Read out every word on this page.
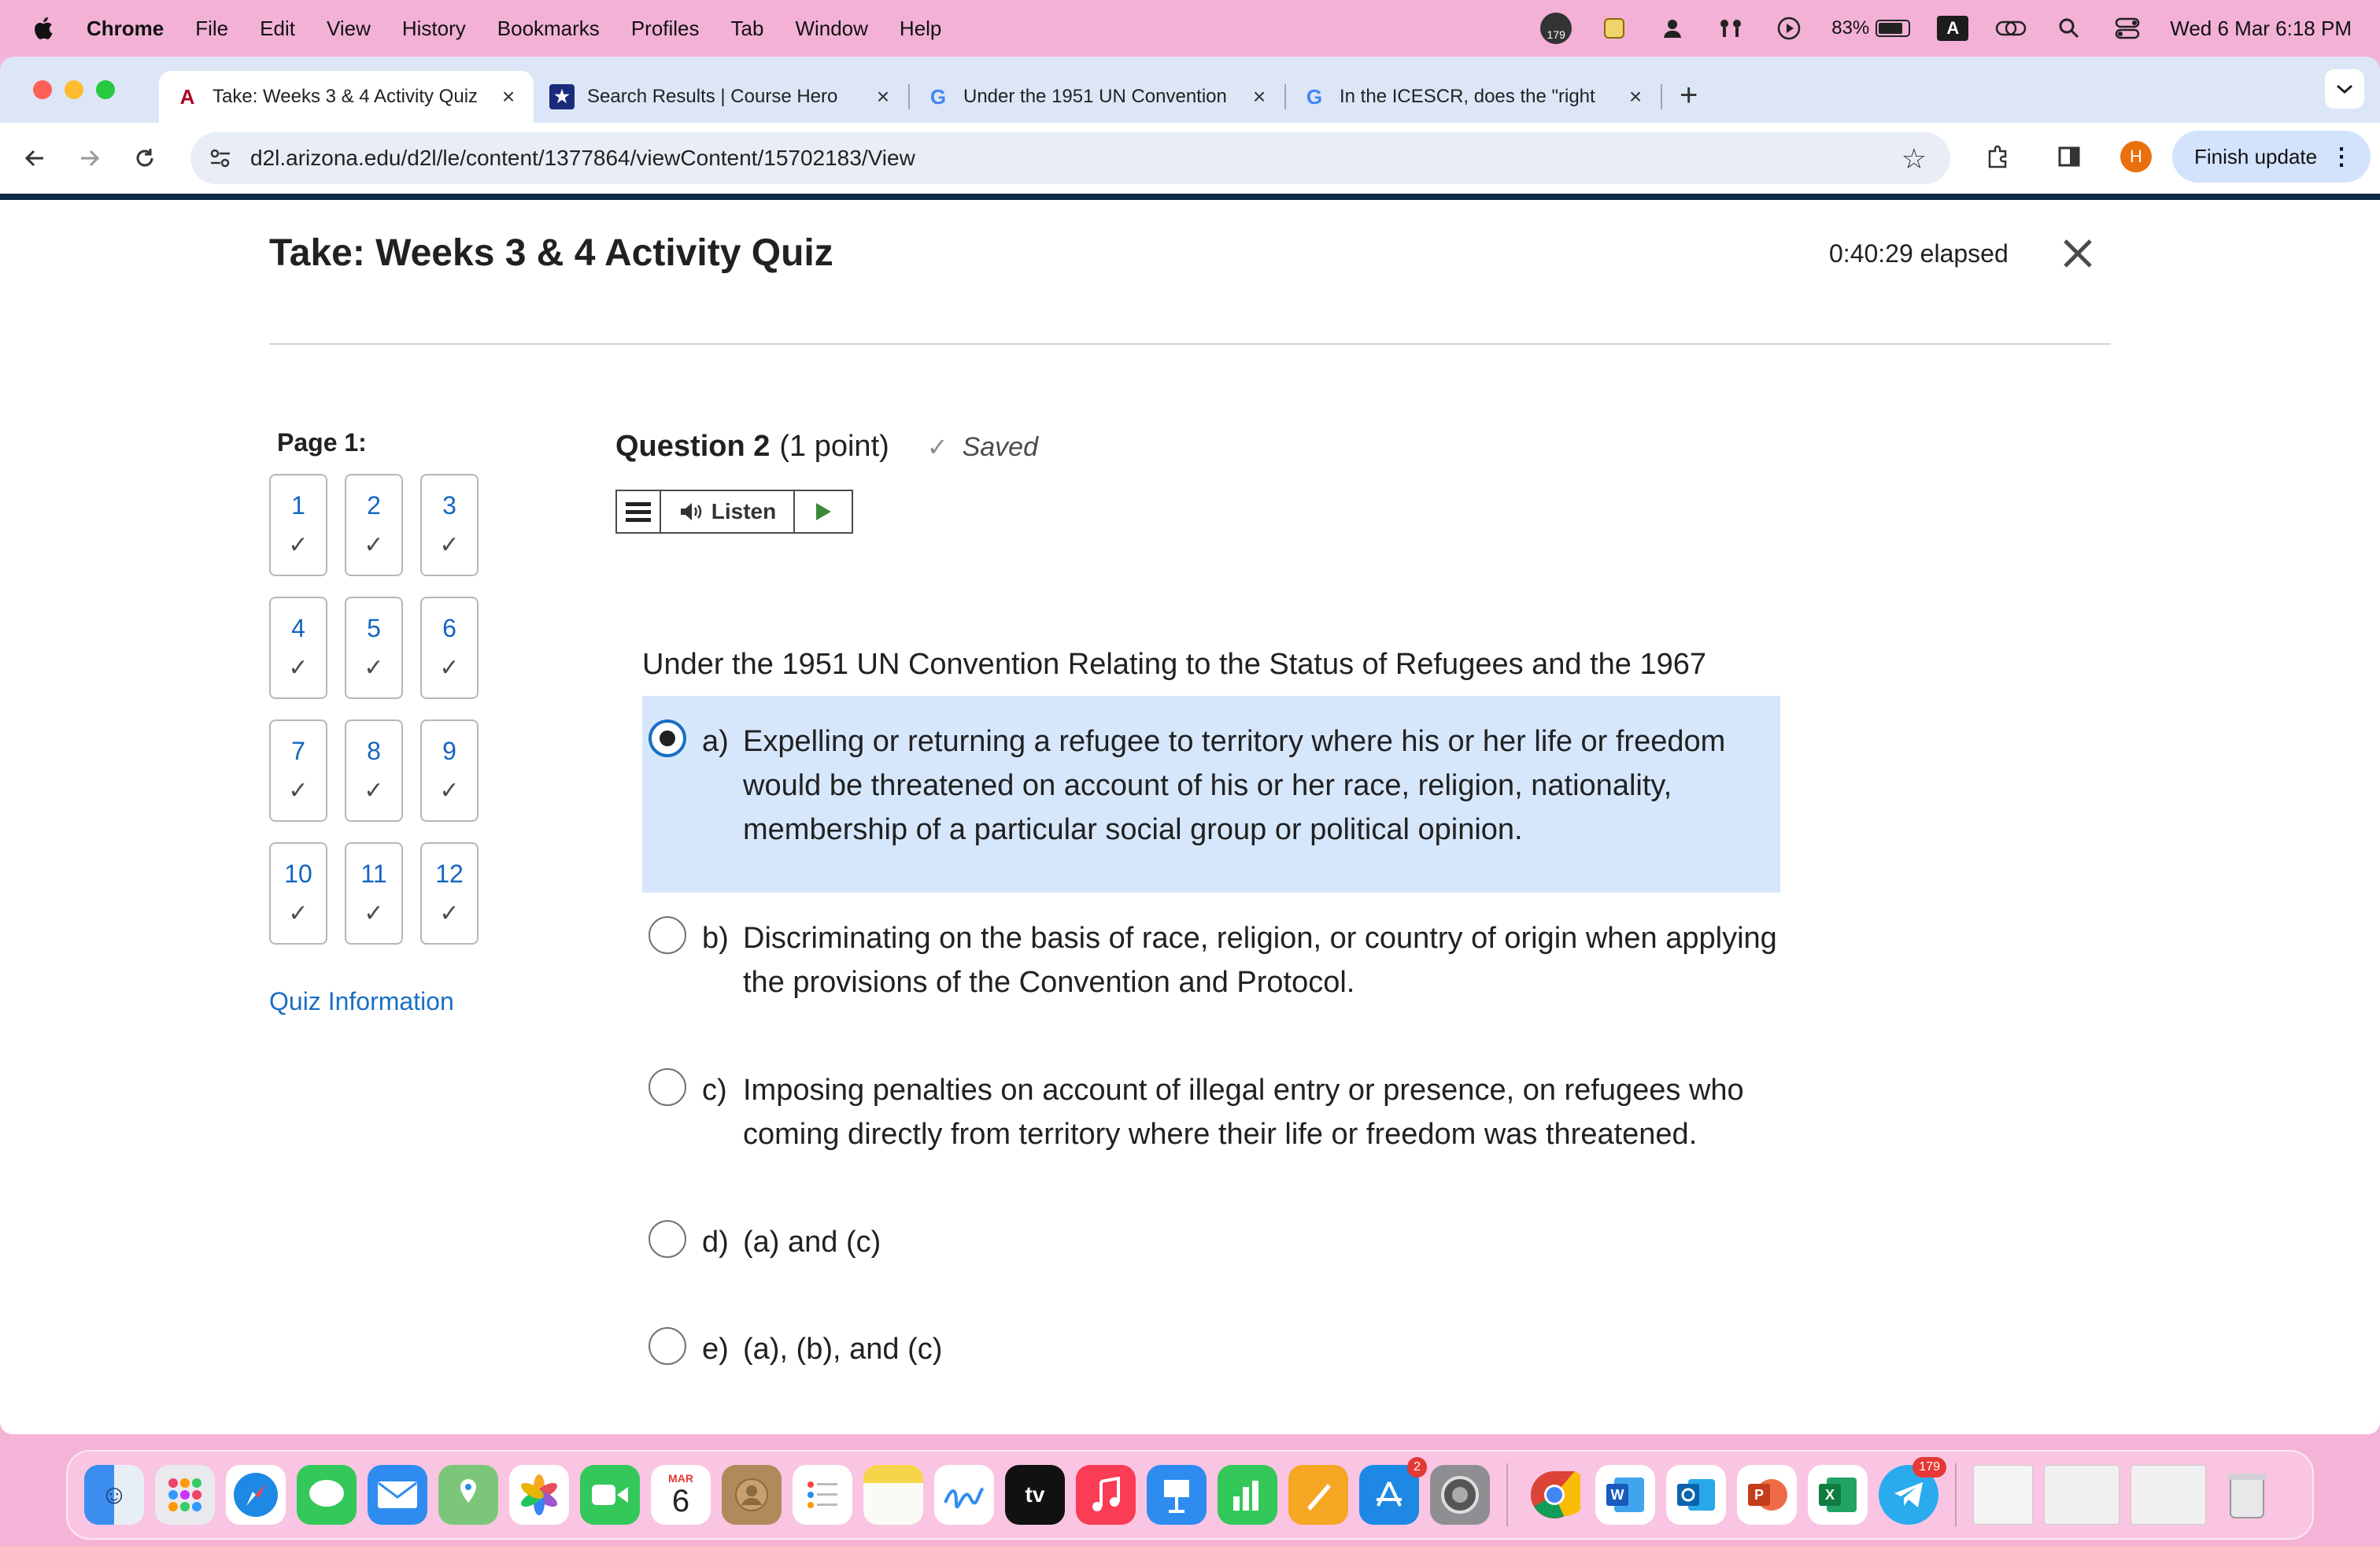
Chrome File Edit View History Bookmarks Profiles Tab Window Help	179	83%	A	Wed 6 Mar 6:18 PM
A Take: Weeks 3 & 4 Activity Quiz	× ★ Search Results | Course Hero	× G Under the 1951 UN Convention	× G In the ICESCR, does the "right	× +
d2l.arizona.edu/d2l/le/content/1377864/viewContent/15702183/View	☆	H	Finish update ⋮
Take: Weeks 3 & 4 Activity Quiz	0:40:29 elapsed
Page 1:
1
✓
2
✓
3
✓
4
✓
5
✓
6
✓
7
✓
8
✓
9
✓
10
✓
11
✓
12
✓
Quiz Information
Question 2 (1 point) ✓ Saved
Listen
Under the 1951 UN Convention Relating to the Status of Refugees and the 1967
a) Expelling or returning a refugee to territory where his or her life or freedom would be threatened on account of his or her race, religion, nationality, membership of a particular social group or political opinion.
b) Discriminating on the basis of race, religion, or country of origin when applying the provisions of the Convention and Protocol.
c) Imposing penalties on account of illegal entry or presence, on refugees who coming directly from territory where their life or freedom was threatened.
d) (a) and (c)
e) (a), (b), and (c)
☺
MAR
6	tv
2
W	P	X
179
